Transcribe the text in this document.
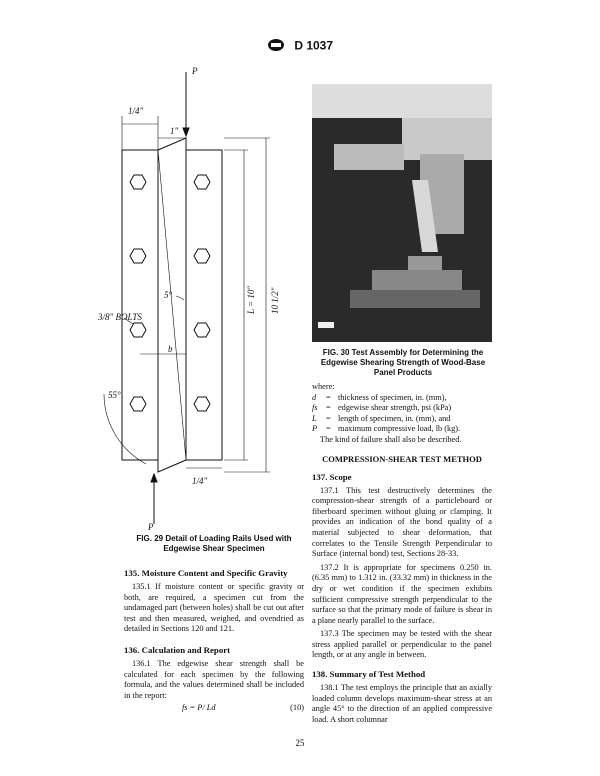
D 1037
P
1/4"
1"
3/8" BOLTS
5°
b
55°
L = 10" 10 1/2"
1/4"
P
FIG. 29 Detail of Loading Rails Used with Edgewise Shear Specimen
FIG. 30 Test Assembly for Determining the Edgewise Shearing Strength of Wood-Base Panel Products

135. Moisture Content and Specific Gravity

135.1 If moisture content or specific gravity or both, are required, a specimen cut from the undamaged part (between holes) shall be cut out after test and then measured, weighed, and ovendried as detailed in Sections 120 and 121.

136. Calculation and Report

136.1 The edgewise shear strength shall be calculated for each specimen by the following formula, and the values determined shall be included in the report:

fs = P/ Ld	(10)
where:
d	= thickness of specimen, in. (mm),
fs	= edgewise shear strength, psi (kPa)
L	= length of specimen, in. (mm), and
P	= maximum compressive load, lb (kg).

The kind of failure shall also be described.

COMPRESSION-SHEAR TEST METHOD

137. Scope

137.1 This test destructively determines the compression-shear strength of a particleboard or fiberboard specimen without gluing or clamping. It provides an indication of the bond quality of a material subjected to shear deformation, that correlates to the Tensile Strength Perpendicular to Surface (internal bond) test, Sections 28-33.

137.2 It is appropriate for specimens 0.250 in. (6.35 mm) to 1.312 in. (33.32 mm) in thickness in the dry or wet condition if the specimen exhibits sufficient compressive strength perpendicular to the surface so that the primary mode of failure is shear in a plane nearly parallel to the surface.

137.3 The specimen may be tested with the shear stress applied parallel or perpendicular to the panel length, or at any angle in between.

138. Summary of Test Method

138.1 The test employs the principle that an axially loaded column develops maximum-shear stress at an angle 45° to the direction of an applied compressive load. A short columnar

25
